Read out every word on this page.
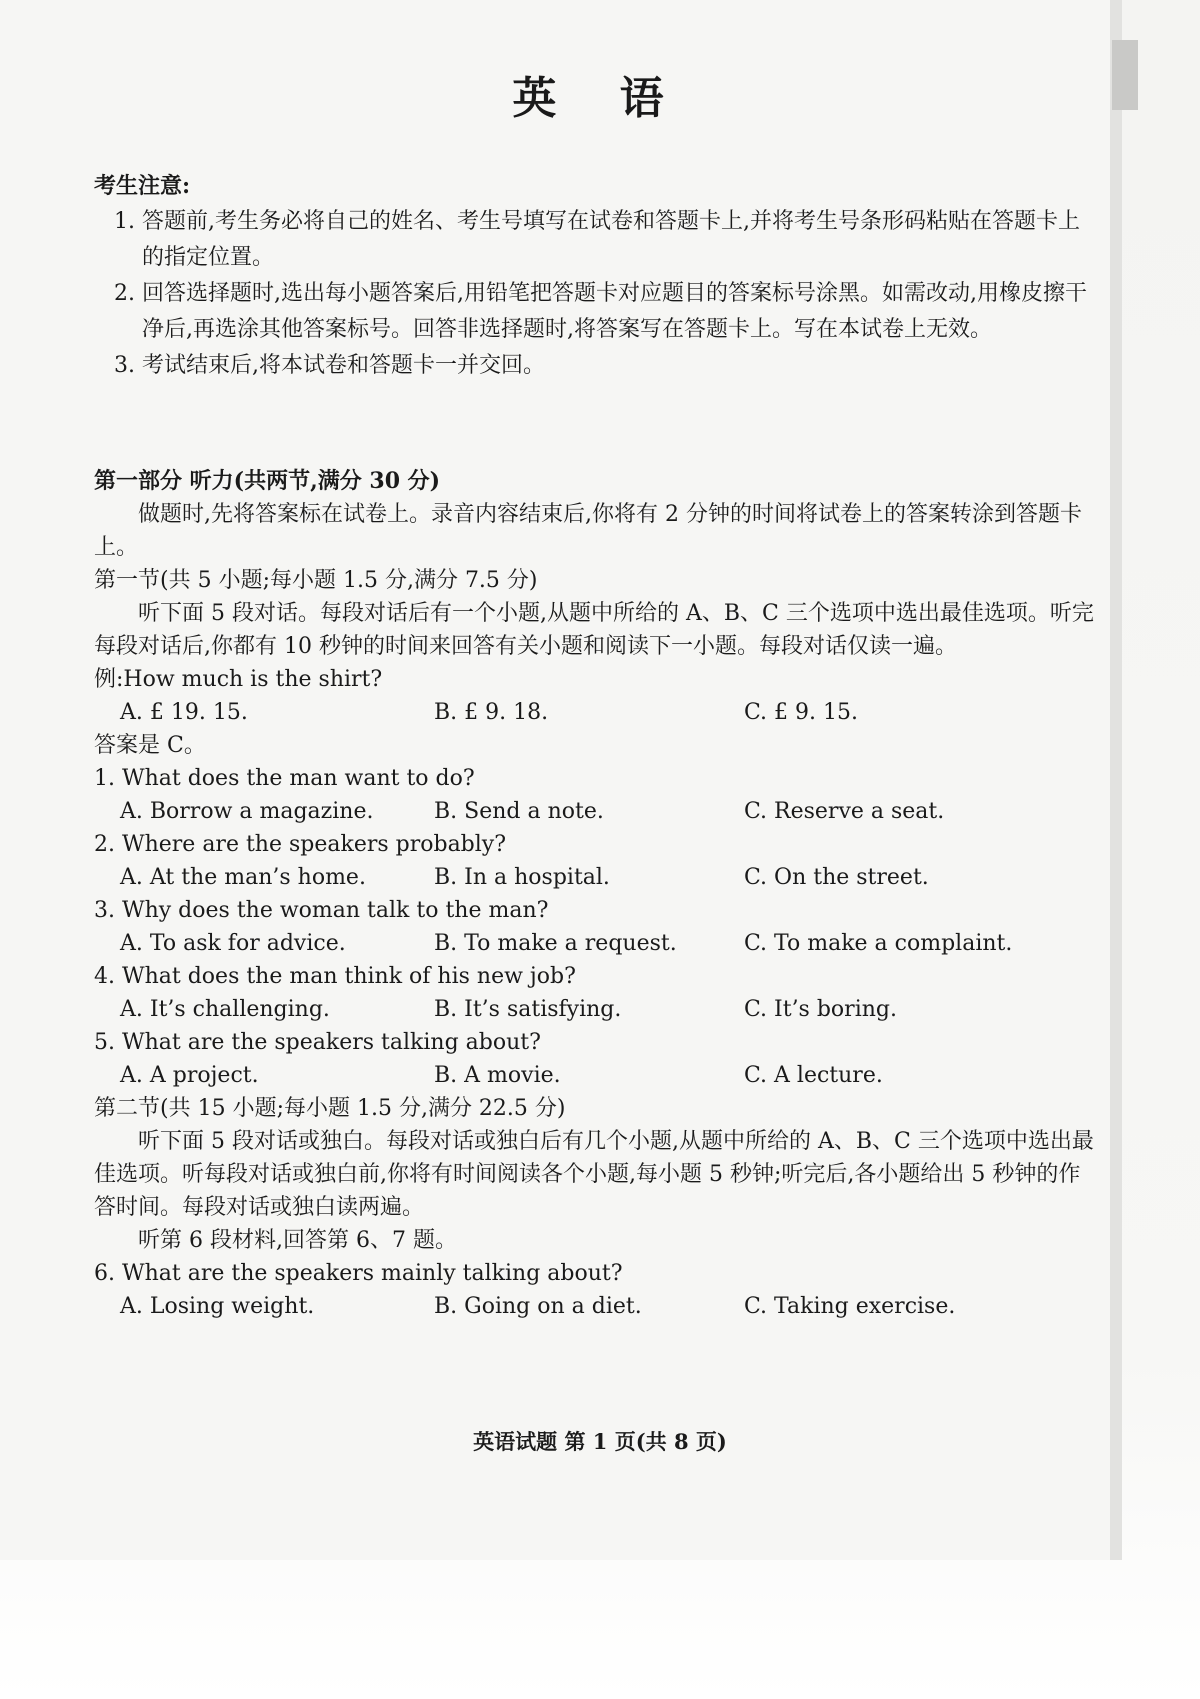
英 语
考生注意:
1. 答题前,考生务必将自己的姓名、考生号填写在试卷和答题卡上,并将考生号条形码粘贴在答题卡上的指定位置。
2. 回答选择题时,选出每小题答案后,用铅笔把答题卡对应题目的答案标号涂黑。如需改动,用橡皮擦干净后,再选涂其他答案标号。回答非选择题时,将答案写在答题卡上。写在本试卷上无效。
3. 考试结束后,将本试卷和答题卡一并交回。
第一部分 听力(共两节,满分 30 分)
做题时,先将答案标在试卷上。录音内容结束后,你将有 2 分钟的时间将试卷上的答案转涂到答题卡上。
第一节(共 5 小题;每小题 1.5 分,满分 7.5 分)
听下面 5 段对话。每段对话后有一个小题,从题中所给的 A、B、C 三个选项中选出最佳选项。听完每段对话后,你都有 10 秒钟的时间来回答有关小题和阅读下一小题。每段对话仅读一遍。
例:How much is the shirt?
A. £ 19. 15.	B. £ 9. 18.	C. £ 9. 15.
答案是 C。
1. What does the man want to do?
A. Borrow a magazine.	B. Send a note.	C. Reserve a seat.
2. Where are the speakers probably?
A. At the man’s home.	B. In a hospital.	C. On the street.
3. Why does the woman talk to the man?
A. To ask for advice.	B. To make a request.	C. To make a complaint.
4. What does the man think of his new job?
A. It’s challenging.	B. It’s satisfying.	C. It’s boring.
5. What are the speakers talking about?
A. A project.	B. A movie.	C. A lecture.
第二节(共 15 小题;每小题 1.5 分,满分 22.5 分)
听下面 5 段对话或独白。每段对话或独白后有几个小题,从题中所给的 A、B、C 三个选项中选出最佳选项。听每段对话或独白前,你将有时间阅读各个小题,每小题 5 秒钟;听完后,各小题给出 5 秒钟的作答时间。每段对话或独白读两遍。
听第 6 段材料,回答第 6、7 题。
6. What are the speakers mainly talking about?
A. Losing weight.	B. Going on a diet.	C. Taking exercise.
英语试题 第 1 页(共 8 页)
